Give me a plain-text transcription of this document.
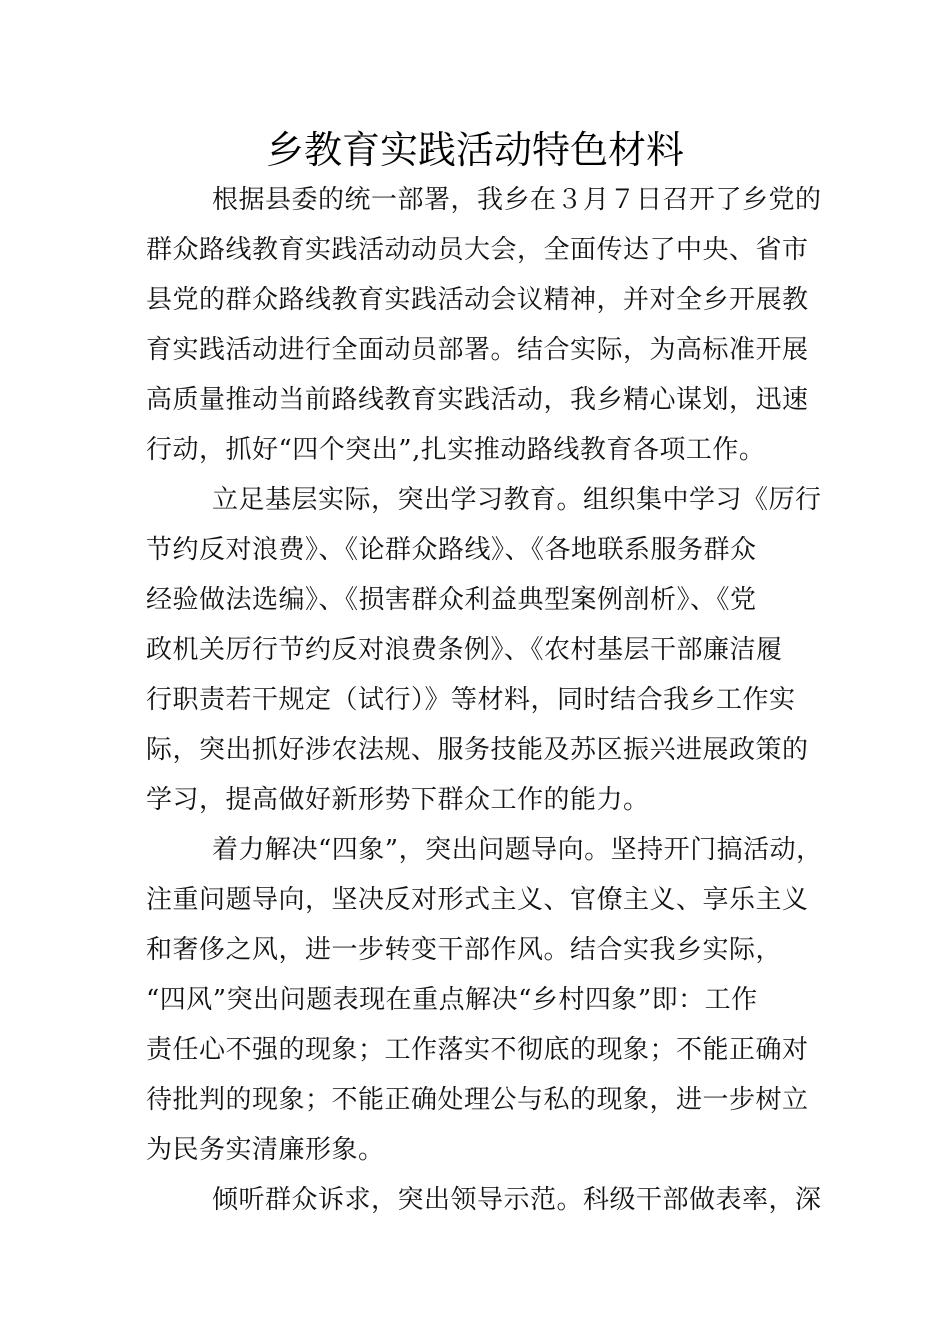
乡教育实践活动特色材料
根据县委的统一部署，我乡在３月７日召开了乡党的
群众路线教育实践活动动员大会，全面传达了中央、省市
县党的群众路线教育实践活动会议精神，并对全乡开展教
育实践活动进行全面动员部署。结合实际，为高标准开展
高质量推动当前路线教育实践活动，我乡精心谋划，迅速
行动，抓好“四个突出”,扎实推动路线教育各项工作。
立足基层实际，突出学习教育。组织集中学习《厉行
节约反对浪费》、《论群众路线》、《各地联系服务群众
经验做法选编》、《损害群众利益典型案例剖析》、《党
政机关厉行节约反对浪费条例》、《农村基层干部廉洁履
行职责若干规定（试行）》等材料，同时结合我乡工作实
际，突出抓好涉农法规、服务技能及苏区振兴进展政策的
学习，提高做好新形势下群众工作的能力。
着力解决“四象”，突出问题导向。坚持开门搞活动，
注重问题导向，坚决反对形式主义、官僚主义、享乐主义
和奢侈之风，进一步转变干部作风。结合实我乡实际，
“四风”突出问题表现在重点解决“乡村四象”即：工作
责任心不强的现象；工作落实不彻底的现象；不能正确对
待批判的现象；不能正确处理公与私的现象，进一步树立
为民务实清廉形象。
倾听群众诉求，突出领导示范。科级干部做表率，深
